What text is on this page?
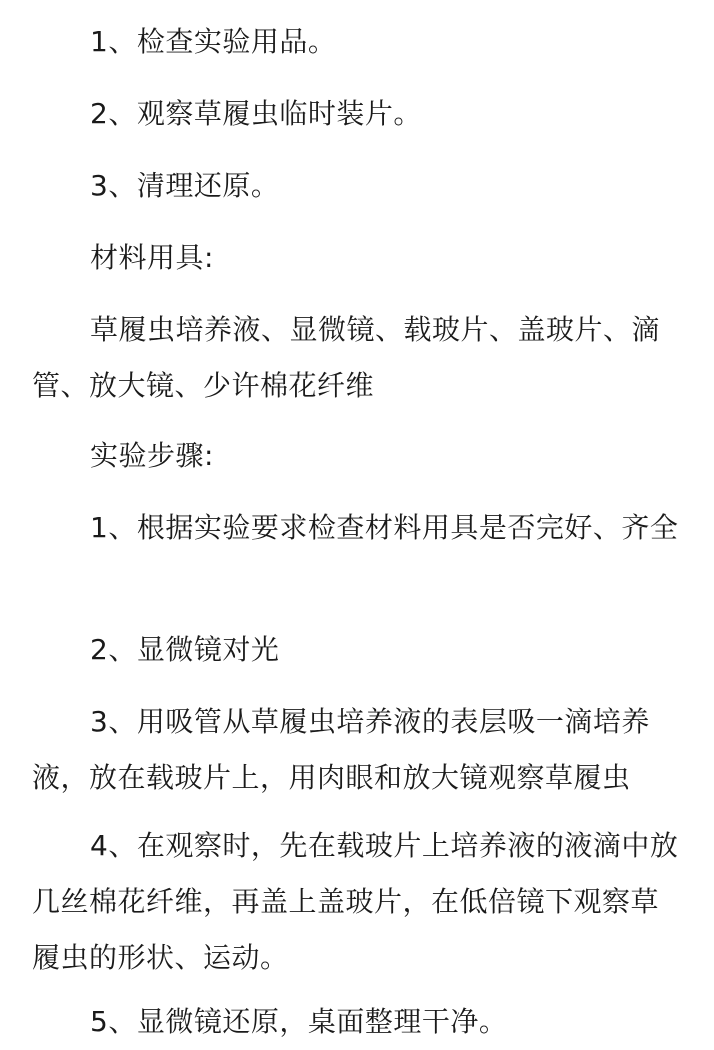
1、检查实验用品。

2、观察草履虫临时装片。

3、清理还原。

材料用具:

草履虫培养液、显微镜、载玻片、盖玻片、滴管、放大镜、少许棉花纤维

实验步骤:

1、根据实验要求检查材料用具是否完好、齐全

2、显微镜对光

3、用吸管从草履虫培养液的表层吸一滴培养液，放在载玻片上，用肉眼和放大镜观察草履虫

4、在观察时，先在载玻片上培养液的液滴中放几丝棉花纤维，再盖上盖玻片，在低倍镜下观察草履虫的形状、运动。

5、显微镜还原，桌面整理干净。
